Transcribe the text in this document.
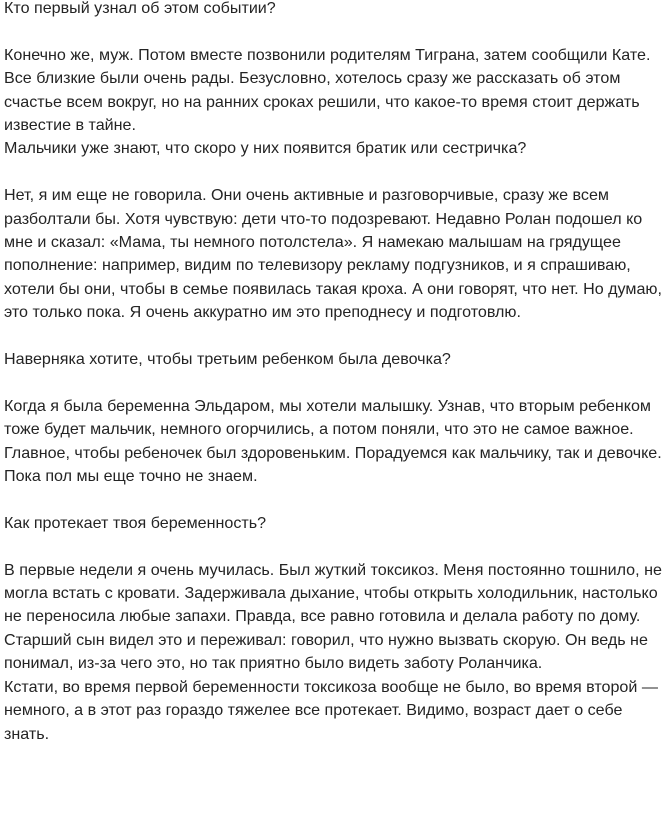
Кто первый узнал об этом событии?

Конечно же, муж. Потом вместе позвонили родителям Тиграна, затем сообщили Кате. Все близкие были очень рады. Безусловно, хотелось сразу же рассказать об этом счастье всем вокруг, но на ранних сроках решили, что какое-то время стоит держать известие в тайне.

Мальчики уже знают, что скоро у них появится братик или сестричка?

Нет, я им еще не говорила. Они очень активные и разговорчивые, сразу же всем разболтали бы. Хотя чувствую: дети что-то подозревают. Недавно Ролан подошел ко мне и сказал: «Мама, ты немного потолстела». Я намекаю малышам на грядущее пополнение: например, видим по телевизору рекламу подгузников, и я спрашиваю, хотели бы они, чтобы в семье появилась такая кроха. А они говорят, что нет. Но думаю, это только пока. Я очень аккуратно им это преподнесу и подготовлю.

Наверняка хотите, чтобы третьим ребенком была девочка?

Когда я была беременна Эльдаром, мы хотели малышку. Узнав, что вторым ребенком тоже будет мальчик, немного огорчились, а потом поняли, что это не самое важное. Главное, чтобы ребеночек был здоровеньким. Порадуемся как мальчику, так и девочке. Пока пол мы еще точно не знаем.

Как протекает твоя беременность?

В первые недели я очень мучилась. Был жуткий токсикоз. Меня постоянно тошнило, не могла встать с кровати. Задерживала дыхание, чтобы открыть холодильник, настолько не переносила любые запахи. Правда, все равно готовила и делала работу по дому.

Старший сын видел это и переживал: говорил, что нужно вызвать скорую. Он ведь не понимал, из-за чего это, но так приятно было видеть заботу Роланчика.

Кстати, во время первой беременности токсикоза вообще не было, во время второй — немного, а в этот раз гораздо тяжелее все протекает. Видимо, возраст дает о себе знать.
